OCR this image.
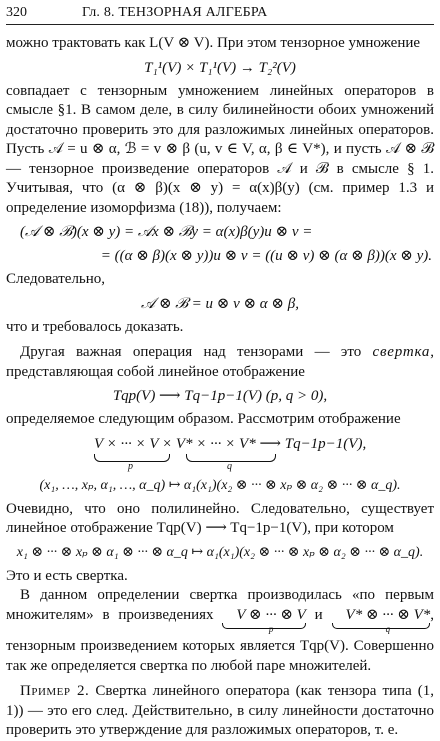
320	Гл. 8. ТЕНЗОРНАЯ АЛГЕБРА

можно трактовать как L(V ⊗ V). При этом тензорное умножение

T₁¹(V) × T₁¹(V) → T₂²(V)

совпадает с тензорным умножением линейных операторов в смысле §1. В самом деле, в силу билинейности обоих умножений достаточно проверить это для разложимых линейных операторов. Пусть 𝒜 = u ⊗ α, ℬ = v ⊗ β (u, v ∈ V, α, β ∈ V*), и пусть 𝒜 ⊗ ℬ — тензорное произведение операторов 𝒜 и ℬ в смысле § 1. Учитывая, что (α ⊗ β)(x ⊗ y) = α(x)β(y) (см. пример 1.3 и определение изоморфизма (18)), получаем:

(𝒜 ⊗ ℬ)(x ⊗ y) = 𝒜x ⊗ ℬy = α(x)β(y)u ⊗ v =
= ((α ⊗ β)(x ⊗ y))u ⊗ v = ((u ⊗ v) ⊗ (α ⊗ β))(x ⊗ y).

Следовательно,

𝒜 ⊗ ℬ = u ⊗ v ⊗ α ⊗ β,

что и требовалось доказать.

Другая важная операция над тензорами — это свертка, представляющая собой линейное отображение

Tqp(V) ⟶ Tq−1p−1(V) (p, q > 0),

определяемое следующим образом. Рассмотрим отображение

V × ··· × V × V* × ··· × V* ⟶ Tq−1p−1(V),
p	q
(x₁, …, xₚ, α₁, …, α_q) ↦ α₁(x₁)(x₂ ⊗ ··· ⊗ xₚ ⊗ α₂ ⊗ ··· ⊗ α_q).

Очевидно, что оно полилинейно. Следовательно, существует линейное отображение Tqp(V) ⟶ Tq−1p−1(V), при котором

x₁ ⊗ ··· ⊗ xₚ ⊗ α₁ ⊗ ··· ⊗ α_q ↦ α₁(x₁)(x₂ ⊗ ··· ⊗ xₚ ⊗ α₂ ⊗ ··· ⊗ α_q).

Это и есть свертка.

В данном определении свертка производилась «по первым множителям» в произведениях V ⊗ ··· ⊗ V
p
и V* ⊗ ··· ⊗ V*
q
, тензорным произведением которых является Tqp(V). Совершенно так же определяется свертка по любой паре множителей.

Пример 2. Свертка линейного оператора (как тензора типа (1, 1)) — это его след. Действительно, в силу линейности достаточно проверить это утверждение для разложимых операторов, т. е.
